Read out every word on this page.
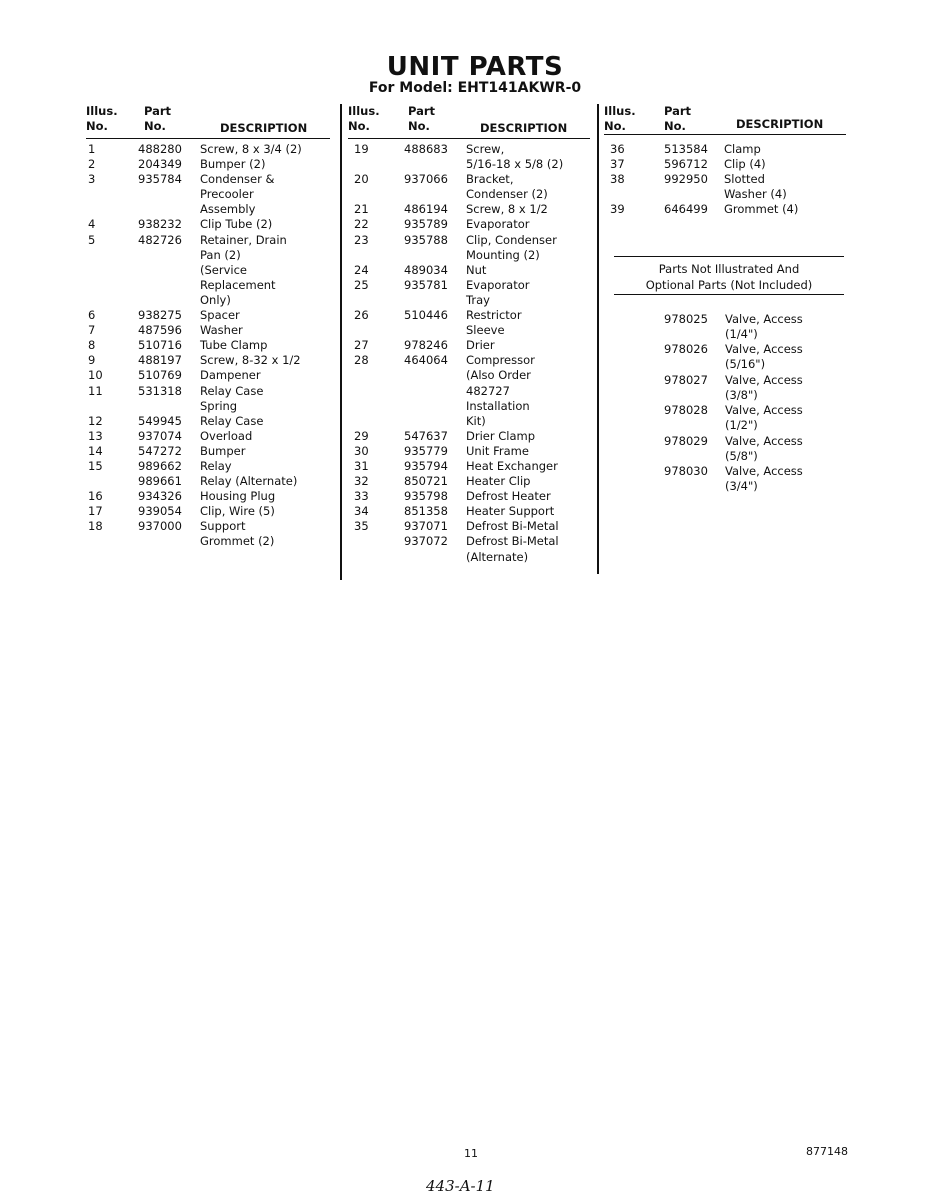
UNIT PARTS
For Model: EHT141AKWR-0
Illus.
No.
Part
No.	DESCRIPTION
1	488280 Screw, 8 x 3/4 (2)
2	204349 Bumper (2)
3	935784 Condenser &
Precooler
Assembly
4	938232 Clip Tube (2)
5	482726 Retainer, Drain
Pan (2)
(Service
Replacement
Only)
6	938275 Spacer
7	487596 Washer
8	510716 Tube Clamp
9	488197 Screw, 8-32 x 1/2
10	510769 Dampener
11	531318 Relay Case
Spring
12	549945 Relay Case
13	937074 Overload
14	547272 Bumper
15	989662 Relay
989661 Relay (Alternate)
16	934326 Housing Plug
17	939054 Clip, Wire (5)
18	937000 Support
Grommet (2)
Illus.
No.
Part
No.	DESCRIPTION
19	488683 Screw,
5/16-18 x 5/8 (2)
20	937066 Bracket,
Condenser (2)
21	486194 Screw, 8 x 1/2
22	935789 Evaporator
23	935788 Clip, Condenser
Mounting (2)
24	489034 Nut
25	935781 Evaporator
Tray
26	510446 Restrictor
Sleeve
27	978246 Drier
28	464064 Compressor
(Also Order
482727
Installation
Kit)
29	547637 Drier Clamp
30	935779 Unit Frame
31	935794 Heat Exchanger
32	850721 Heater Clip
33	935798 Defrost Heater
34	851358 Heater Support
35	937071 Defrost Bi-Metal
937072 Defrost Bi-Metal
(Alternate)
Illus.
No.
Part
No.	DESCRIPTION
36	513584 Clamp
37	596712 Clip (4)
38	992950 Slotted
Washer (4)
39	646499 Grommet (4)
Parts Not Illustrated And
Optional Parts (Not Included)
978025 Valve, Access
(1/4")
978026 Valve, Access
(5/16")
978027 Valve, Access
(3/8")
978028 Valve, Access
(1/2")
978029 Valve, Access
(5/8")
978030 Valve, Access
(3/4")
11	877148
443-A-11
